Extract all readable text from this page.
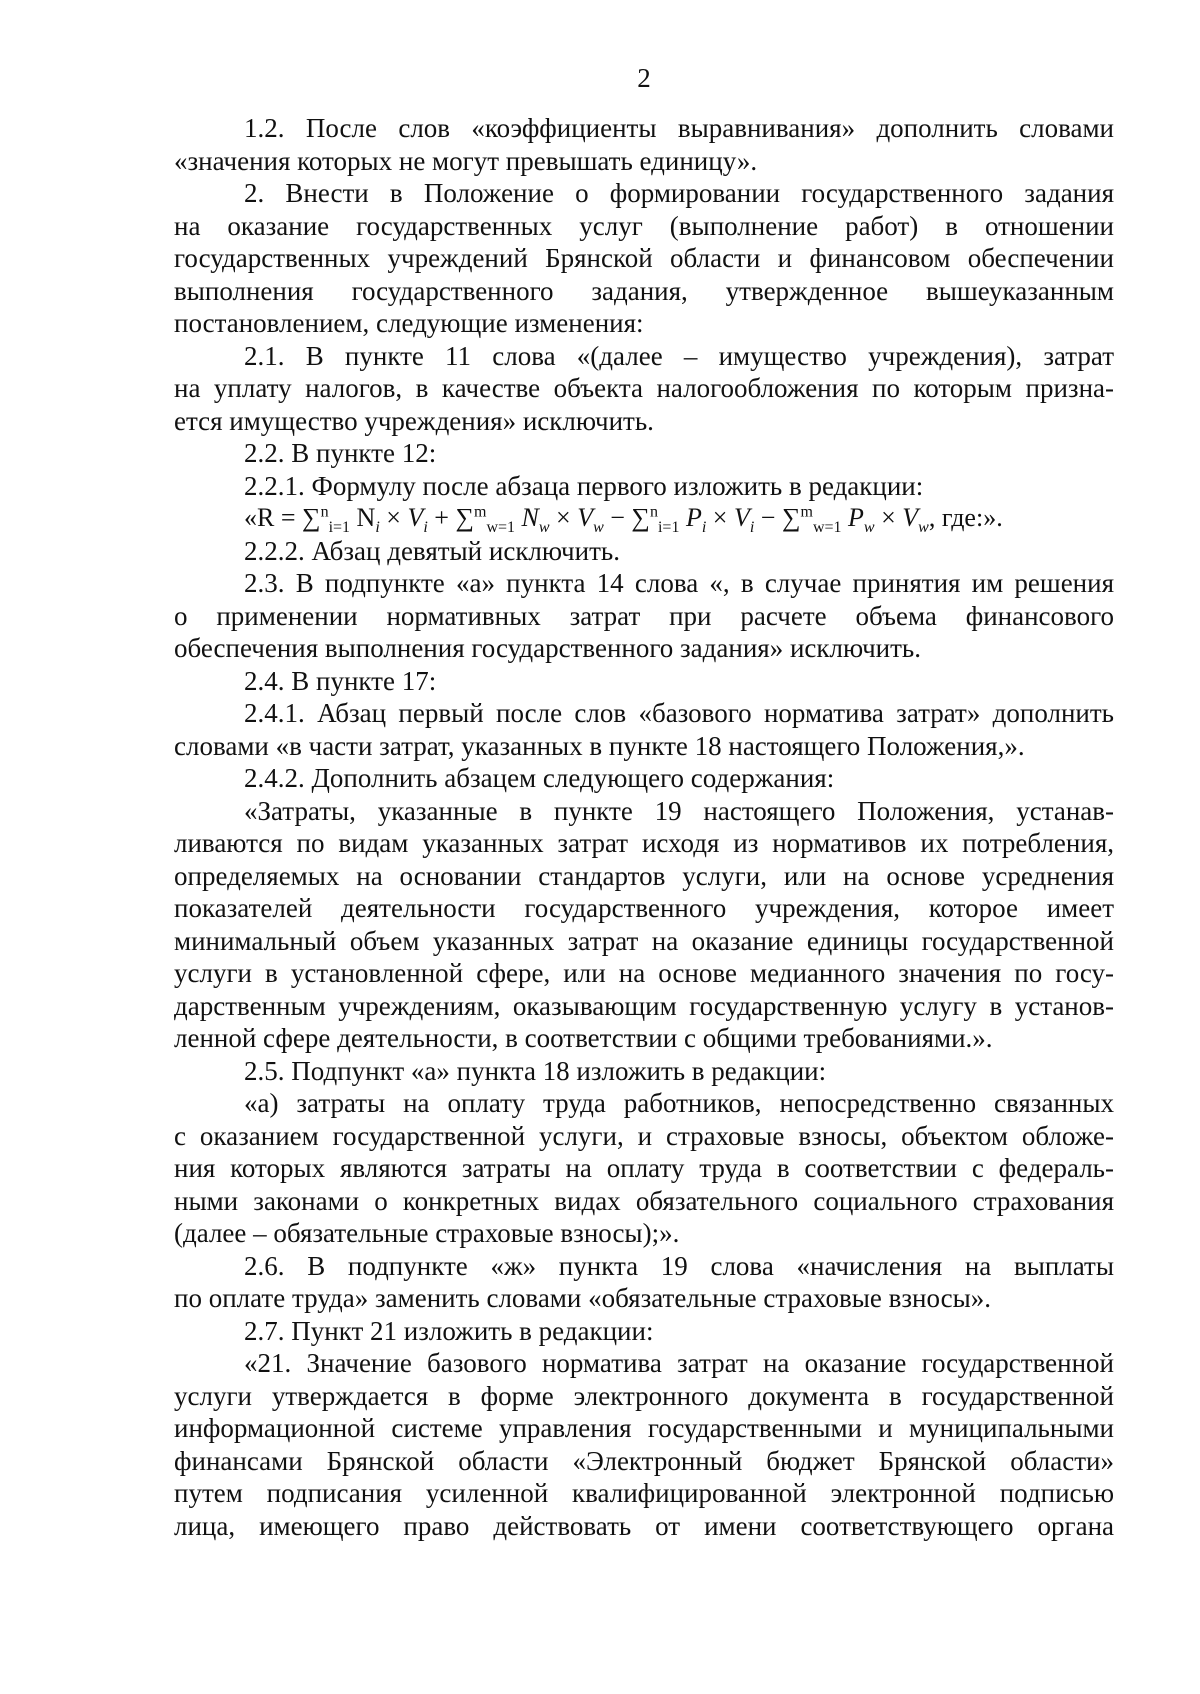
2
1.2. После слов «коэффициенты выравнивания» дополнить словами
«значения которых не могут превышать единицу».
2. Внести в Положение о формировании государственного задания
на оказание государственных услуг (выполнение работ) в отношении
государственных учреждений Брянской области и финансовом обеспечении
выполнения государственного задания, утвержденное вышеуказанным
постановлением, следующие изменения:
2.1. В пункте 11 слова «(далее – имущество учреждения), затрат
на уплату налогов, в качестве объекта налогообложения по которым призна-
ется имущество учреждения» исключить.
2.2. В пункте 12:
2.2.1. Формулу после абзаца первого изложить в редакции:
«R = ∑$^n_{i=1}$ $N_i \times V_i + \sum^m_{w=1}$ $N_w \times V_w - \sum^n_{i=1}$ $P_i \times V_i - \sum^m_{w=1}$ $P_w \times V_w$, где:».
2.2.2. Абзац девятый исключить.
2.3. В подпункте «а» пункта 14 слова «, в случае принятия им решения
о применении нормативных затрат при расчете объема финансового
обеспечения выполнения государственного задания» исключить.
2.4. В пункте 17:
2.4.1. Абзац первый после слов «базового норматива затрат» дополнить
словами «в части затрат, указанных в пункте 18 настоящего Положения,».
2.4.2. Дополнить абзацем следующего содержания:
«Затраты, указанные в пункте 19 настоящего Положения, устанав-
ливаются по видам указанных затрат исходя из нормативов их потребления,
определяемых на основании стандартов услуги, или на основе усреднения
показателей деятельности государственного учреждения, которое имеет
минимальный объем указанных затрат на оказание единицы государственной
услуги в установленной сфере, или на основе медианного значения по госу-
дарственным учреждениям, оказывающим государственную услугу в установ-
ленной сфере деятельности, в соответствии с общими требованиями.».
2.5. Подпункт «а» пункта 18 изложить в редакции:
«а) затраты на оплату труда работников, непосредственно связанных
с оказанием государственной услуги, и страховые взносы, объектом обложе-
ния которых являются затраты на оплату труда в соответствии с федераль-
ными законами о конкретных видах обязательного социального страхования
(далее – обязательные страховые взносы);».
2.6. В подпункте «ж» пункта 19 слова «начисления на выплаты
по оплате труда» заменить словами «обязательные страховые взносы».
2.7. Пункт 21 изложить в редакции:
«21. Значение базового норматива затрат на оказание государственной
услуги утверждается в форме электронного документа в государственной
информационной системе управления государственными и муниципальными
финансами Брянской области «Электронный бюджет Брянской области»
путем подписания усиленной квалифицированной электронной подписью
лица, имеющего право действовать от имени соответствующего органа
